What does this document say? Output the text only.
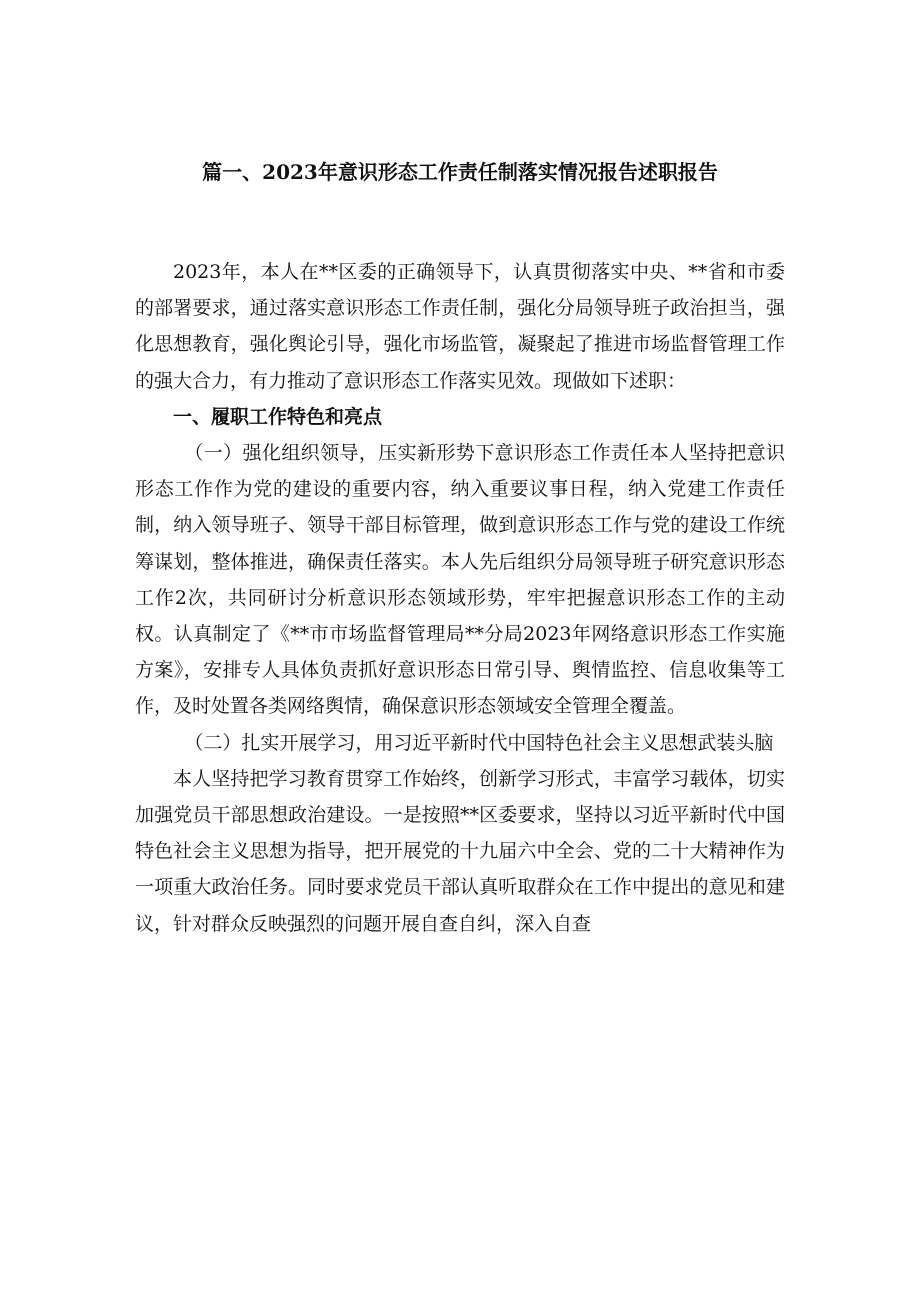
篇一、2023年意识形态工作责任制落实情况报告述职报告

2023年，本人在**区委的正确领导下，认真贯彻落实中央、**省和市委的部署要求，通过落实意识形态工作责任制，强化分局领导班子政治担当，强化思想教育，强化舆论引导，强化市场监管，凝聚起了推进市场监督管理工作的强大合力，有力推动了意识形态工作落实见效。现做如下述职：

一、履职工作特色和亮点

（一）强化组织领导，压实新形势下意识形态工作责任本人坚持把意识形态工作作为党的建设的重要内容，纳入重要议事日程，纳入党建工作责任制，纳入领导班子、领导干部目标管理，做到意识形态工作与党的建设工作统筹谋划，整体推进，确保责任落实。本人先后组织分局领导班子研究意识形态工作2次，共同研讨分析意识形态领域形势，牢牢把握意识形态工作的主动权。认真制定了《**市市场监督管理局**分局2023年网络意识形态工作实施方案》，安排专人具体负责抓好意识形态日常引导、舆情监控、信息收集等工作，及时处置各类网络舆情，确保意识形态领域安全管理全覆盖。

（二）扎实开展学习，用习近平新时代中国特色社会主义思想武装头脑

本人坚持把学习教育贯穿工作始终，创新学习形式，丰富学习载体，切实加强党员干部思想政治建设。一是按照**区委要求，坚持以习近平新时代中国特色社会主义思想为指导，把开展党的十九届六中全会、党的二十大精神作为一项重大政治任务。同时要求党员干部认真听取群众在工作中提出的意见和建议，针对群众反映强烈的问题开展自查自纠，深入自查
